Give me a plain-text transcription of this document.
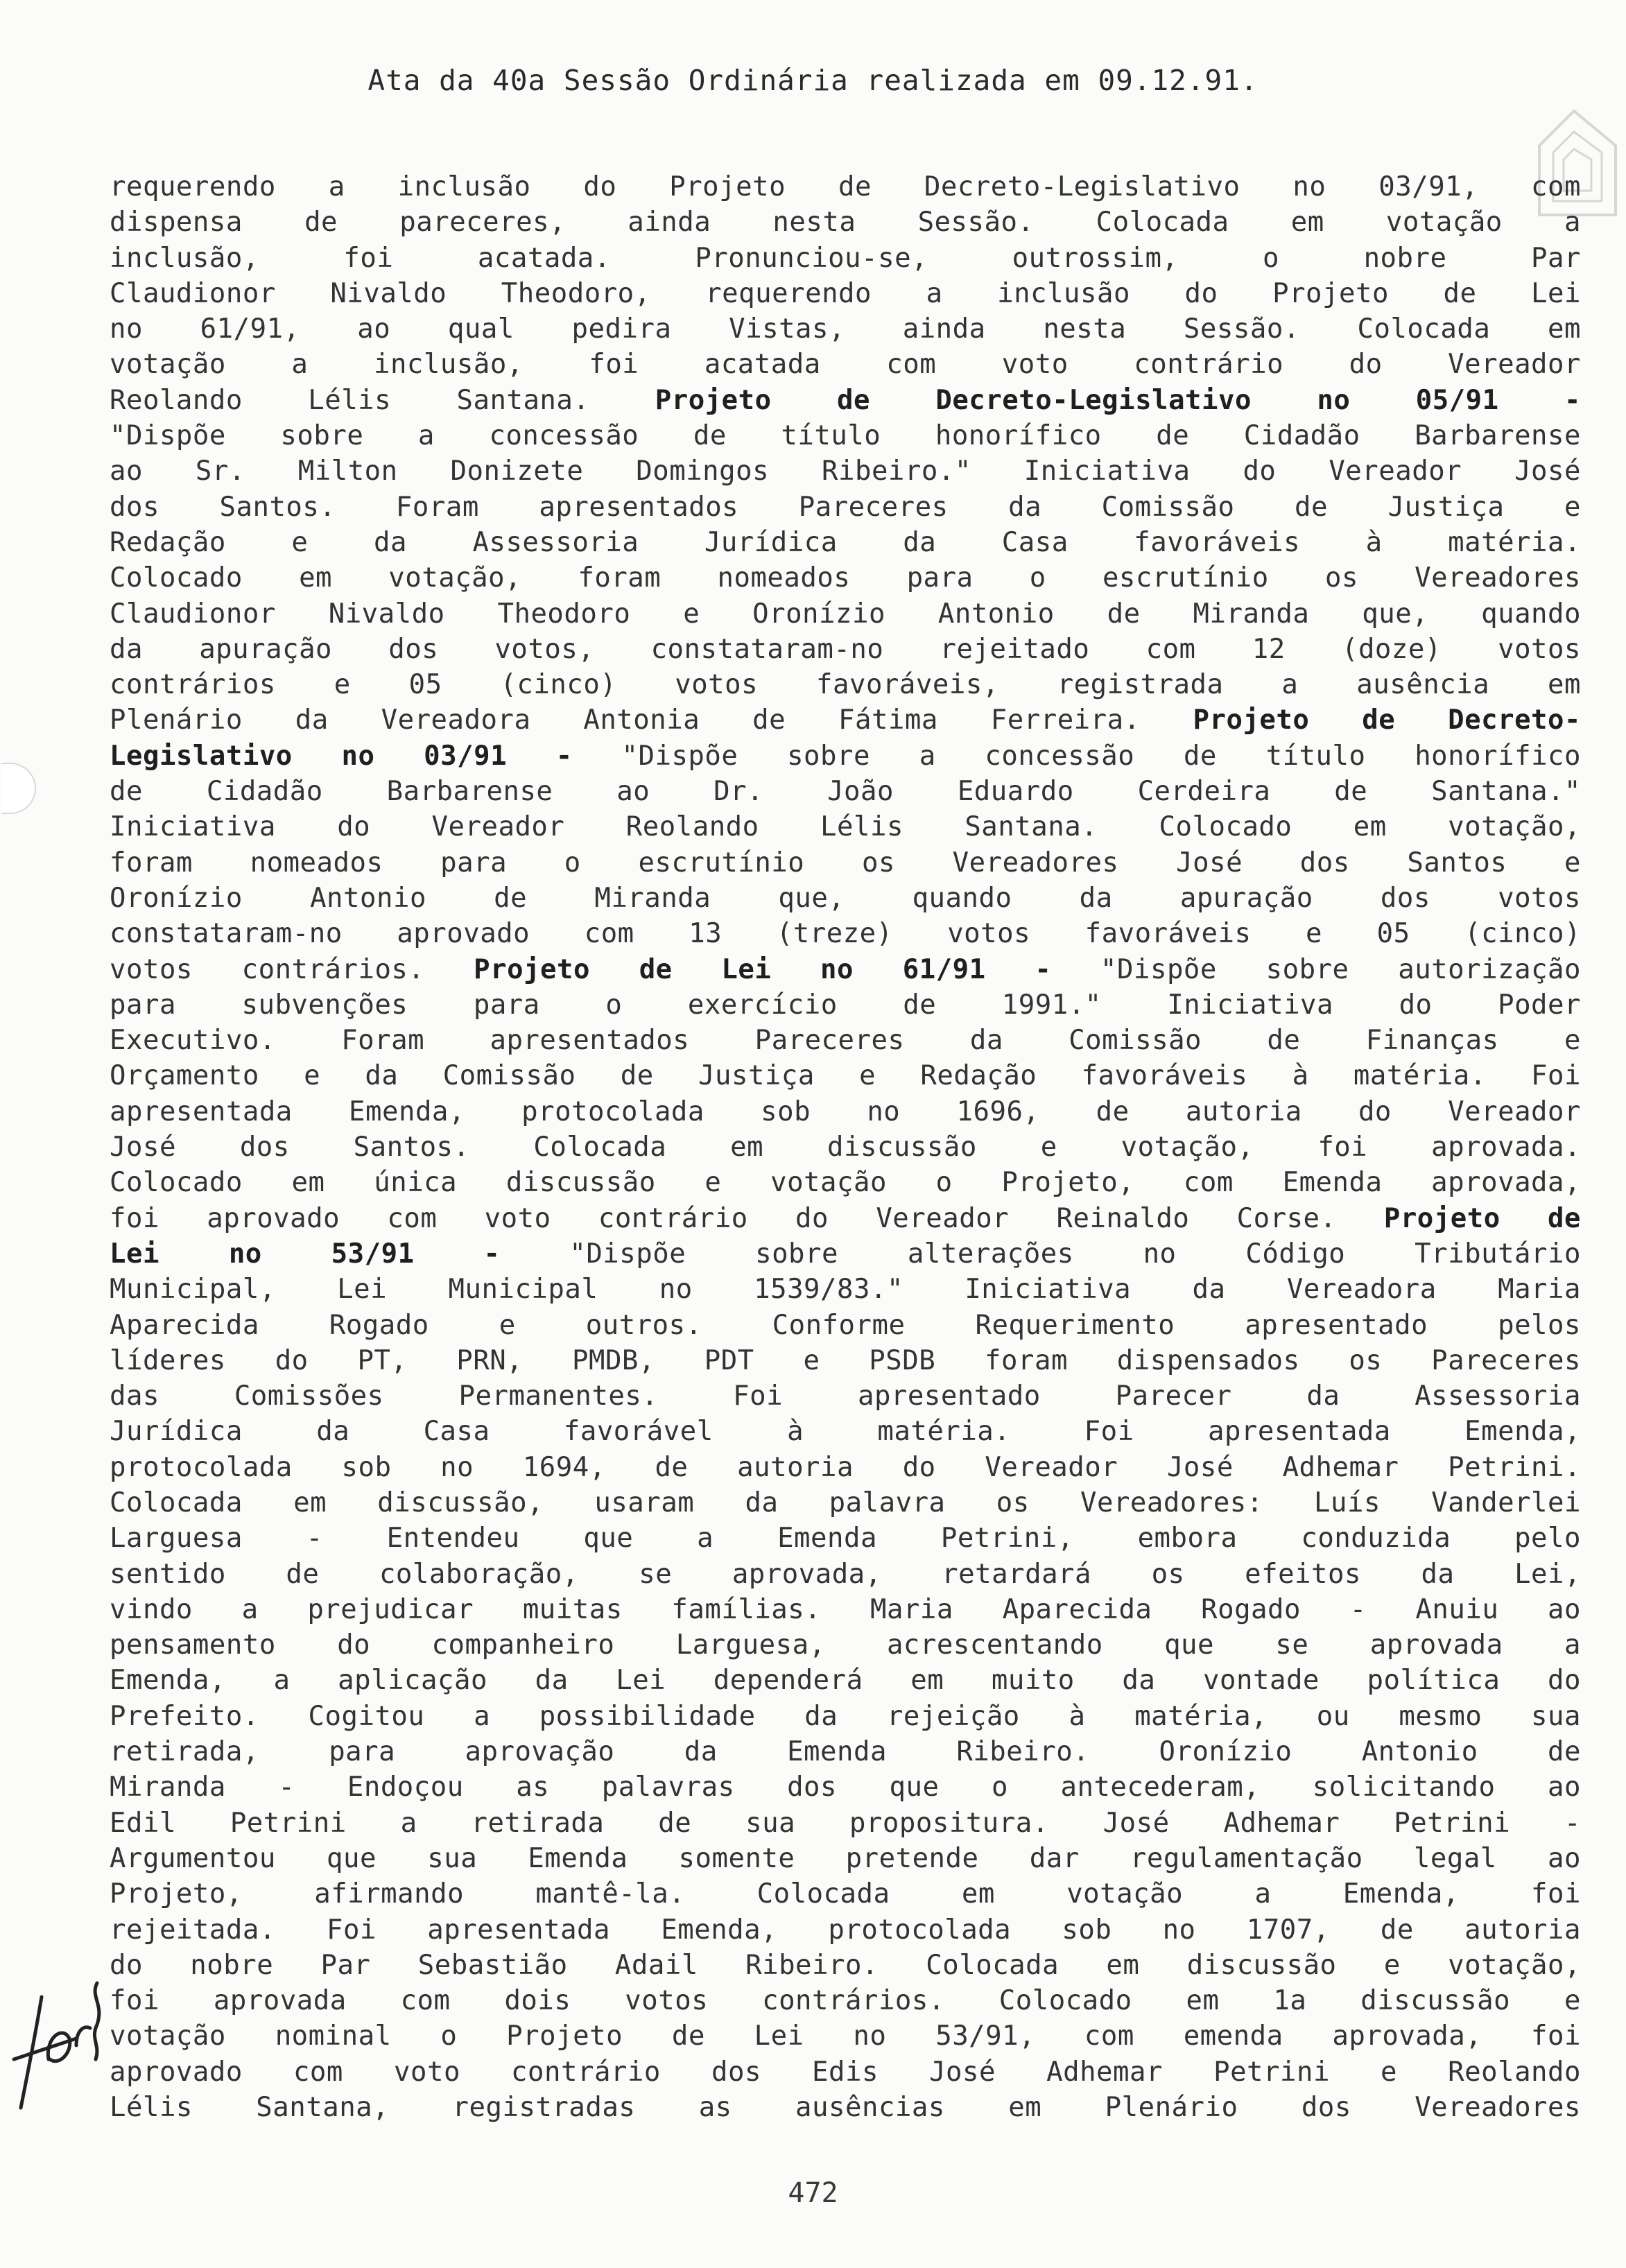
Ata da 40a Sessão Ordinária realizada em 09.12.91.
requerendo a inclusão do Projeto de Decreto-Legislativo no 03/91, com
dispensa de pareceres, ainda nesta Sessão. Colocada em votação a
inclusão, foi acatada. Pronunciou-se, outrossim, o nobre Par
Claudionor Nivaldo Theodoro, requerendo a inclusão do Projeto de Lei
no 61/91, ao qual pedira Vistas, ainda nesta Sessão. Colocada em
votação a inclusão, foi acatada com voto contrário do Vereador
Reolando Lélis Santana. Projeto de Decreto-Legislativo no 05/91 -
"Dispõe sobre a concessão de título honorífico de Cidadão Barbarense
ao Sr. Milton Donizete Domingos Ribeiro." Iniciativa do Vereador José
dos Santos. Foram apresentados Pareceres da Comissão de Justiça e
Redação e da Assessoria Jurídica da Casa favoráveis à matéria.
Colocado em votação, foram nomeados para o escrutínio os Vereadores
Claudionor Nivaldo Theodoro e Oronízio Antonio de Miranda que, quando
da apuração dos votos, constataram-no rejeitado com 12 (doze) votos
contrários e 05 (cinco) votos favoráveis, registrada a ausência em
Plenário da Vereadora Antonia de Fátima Ferreira. Projeto de Decreto-
Legislativo no 03/91 - "Dispõe sobre a concessão de título honorífico
de Cidadão Barbarense ao Dr. João Eduardo Cerdeira de Santana."
Iniciativa do Vereador Reolando Lélis Santana. Colocado em votação,
foram nomeados para o escrutínio os Vereadores José dos Santos e
Oronízio Antonio de Miranda que, quando da apuração dos votos
constataram-no aprovado com 13 (treze) votos favoráveis e 05 (cinco)
votos contrários. Projeto de Lei no 61/91 - "Dispõe sobre autorização
para subvenções para o exercício de 1991." Iniciativa do Poder
Executivo. Foram apresentados Pareceres da Comissão de Finanças e
Orçamento e da Comissão de Justiça e Redação favoráveis à matéria. Foi
apresentada Emenda, protocolada sob no 1696, de autoria do Vereador
José dos Santos. Colocada em discussão e votação, foi aprovada.
Colocado em única discussão e votação o Projeto, com Emenda aprovada,
foi aprovado com voto contrário do Vereador Reinaldo Corse. Projeto de
Lei no 53/91 - "Dispõe sobre alterações no Código Tributário
Municipal, Lei Municipal no 1539/83." Iniciativa da Vereadora Maria
Aparecida Rogado e outros. Conforme Requerimento apresentado pelos
líderes do PT, PRN, PMDB, PDT e PSDB foram dispensados os Pareceres
das Comissões Permanentes. Foi apresentado Parecer da Assessoria
Jurídica da Casa favorável à matéria. Foi apresentada Emenda,
protocolada sob no 1694, de autoria do Vereador José Adhemar Petrini.
Colocada em discussão, usaram da palavra os Vereadores: Luís Vanderlei
Larguesa - Entendeu que a Emenda Petrini, embora conduzida pelo
sentido de colaboração, se aprovada, retardará os efeitos da Lei,
vindo a prejudicar muitas famílias. Maria Aparecida Rogado - Anuiu ao
pensamento do companheiro Larguesa, acrescentando que se aprovada a
Emenda, a aplicação da Lei dependerá em muito da vontade política do
Prefeito. Cogitou a possibilidade da rejeição à matéria, ou mesmo sua
retirada, para aprovação da Emenda Ribeiro. Oronízio Antonio de
Miranda - Endoçou as palavras dos que o antecederam, solicitando ao
Edil Petrini a retirada de sua propositura. José Adhemar Petrini -
Argumentou que sua Emenda somente pretende dar regulamentação legal ao
Projeto, afirmando mantê-la. Colocada em votação a Emenda, foi
rejeitada. Foi apresentada Emenda, protocolada sob no 1707, de autoria
do nobre Par Sebastião Adail Ribeiro. Colocada em discussão e votação,
foi aprovada com dois votos contrários. Colocado em 1a discussão e
votação nominal o Projeto de Lei no 53/91, com emenda aprovada, foi
aprovado com voto contrário dos Edis José Adhemar Petrini e Reolando
Lélis Santana, registradas as ausências em Plenário dos Vereadores
472
